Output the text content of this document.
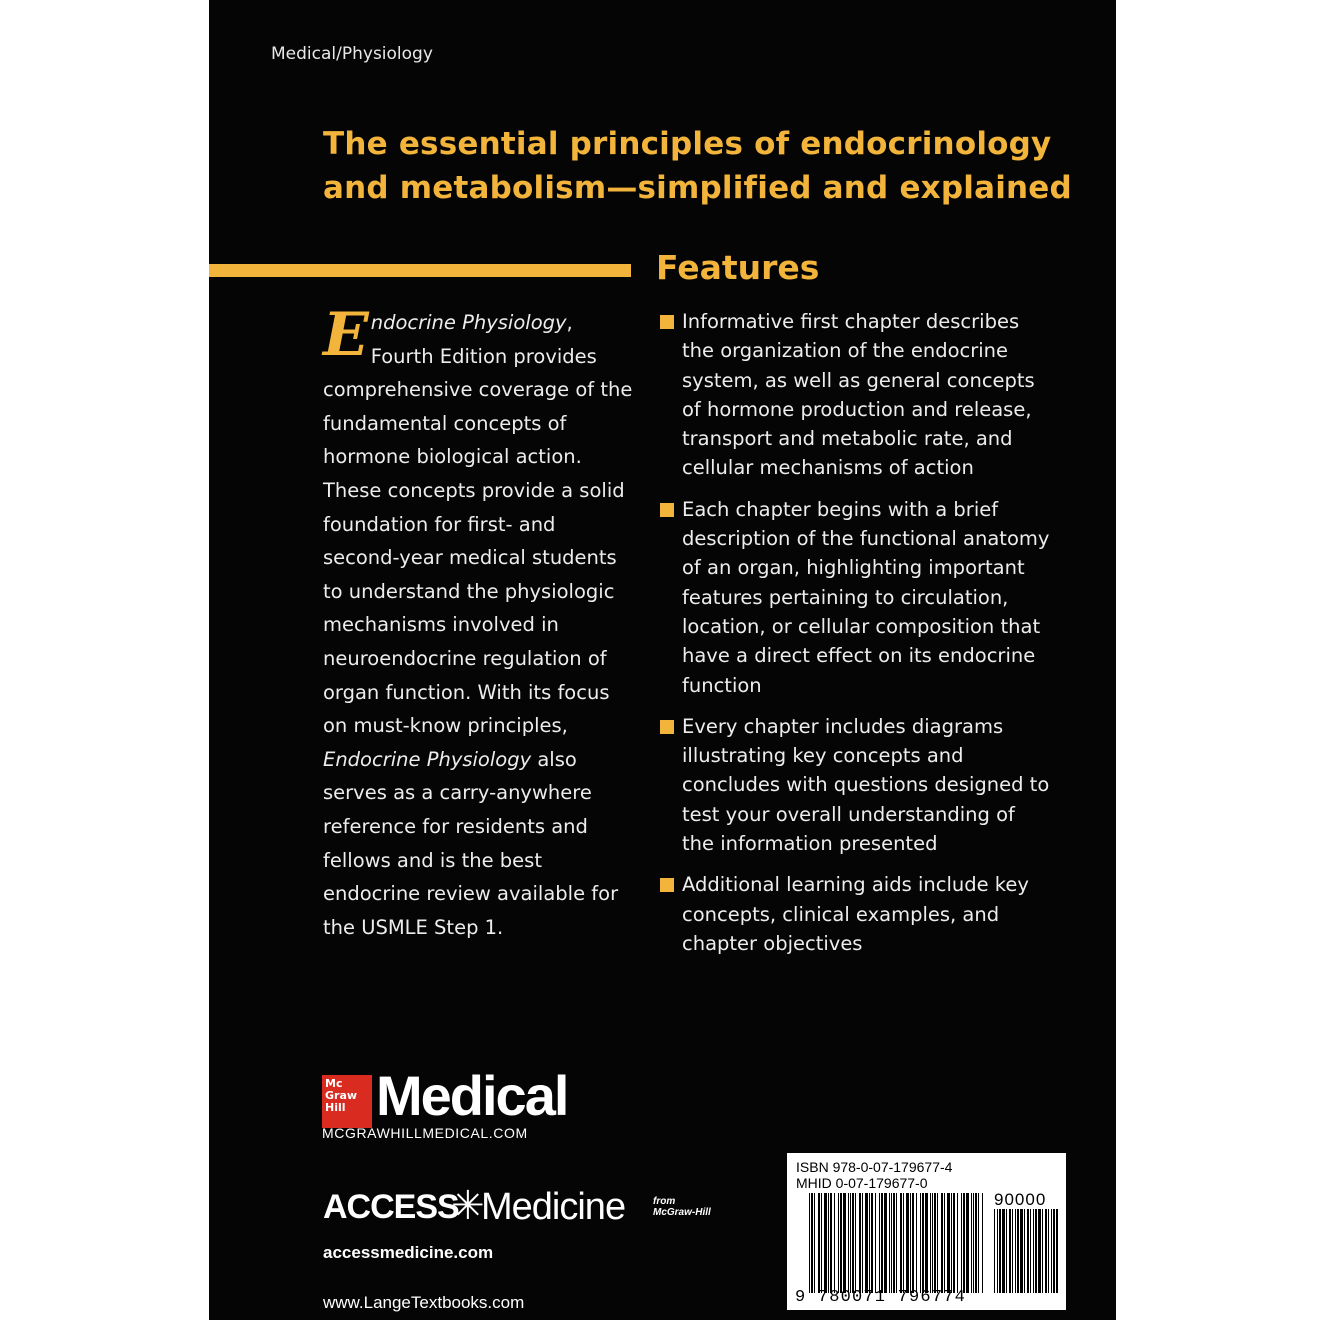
Medical/Physiology
The essential principles of endocrinology
and metabolism—simplified and explained
Features
Endocrine Physiology, Fourth Edition provides comprehensive coverage of the fundamental concepts of hormone biological action. These concepts provide a solid foundation for first- and second-year medical students to understand the physiologic mechanisms involved in neuroendocrine regulation of organ function. With its focus on must-know principles, Endocrine Physiology also serves as a carry-anywhere reference for residents and fellows and is the best endocrine review available for the USMLE Step 1.
Informative first chapter describes the organization of the endocrine system, as well as general concepts of hormone production and release, transport and metabolic rate, and cellular mechanisms of action
Each chapter begins with a brief description of the functional anatomy of an organ, highlighting important features pertaining to circulation, location, or cellular composition that have a direct effect on its endocrine function
Every chapter includes diagrams illustrating key concepts and concludes with questions designed to test your overall understanding of the information presented
Additional learning aids include key concepts, clinical examples, and chapter objectives
Mc
Graw
Hill Medical
MCGRAWHILLMEDICAL.COM
ACCESS
✳
Medicine	from
McGraw-Hill
accessmedicine.com
www.LangeTextbooks.com
ISBN 978-0-07-179677-4
MHID 0-07-179677-0
90000
9 780071 796774
